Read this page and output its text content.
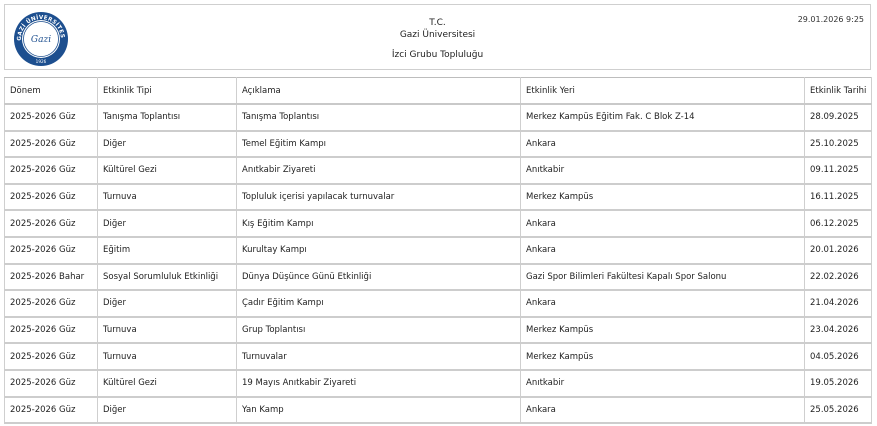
GAZİ ÜNİVERSİTES
Gazi
1926
T.C.
Gazi Üniversitesi
İzci Grubu Topluluğu
29.01.2026 9:25
Dönem	Etkinlik Tipi	Açıklama	Etkinlik Yeri	Etkinlik Tarihi
2025-2026 Güz	Tanışma Toplantısı	Tanışma Toplantısı	Merkez Kampüs Eğitim Fak. C Blok Z-14	28.09.2025
2025-2026 Güz	Diğer	Temel Eğitim Kampı	Ankara	25.10.2025
2025-2026 Güz	Kültürel Gezi	Anıtkabir Ziyareti	Anıtkabir	09.11.2025
2025-2026 Güz	Turnuva	Topluluk içerisi yapılacak turnuvalar	Merkez Kampüs	16.11.2025
2025-2026 Güz	Diğer	Kış Eğitim Kampı	Ankara	06.12.2025
2025-2026 Güz	Eğitim	Kurultay Kampı	Ankara	20.01.2026
2025-2026 Bahar	Sosyal Sorumluluk Etkinliği	Dünya Düşünce Günü Etkinliği	Gazi Spor Bilimleri Fakültesi Kapalı Spor Salonu	22.02.2026
2025-2026 Güz	Diğer	Çadır Eğitim Kampı	Ankara	21.04.2026
2025-2026 Güz	Turnuva	Grup Toplantısı	Merkez Kampüs	23.04.2026
2025-2026 Güz	Turnuva	Turnuvalar	Merkez Kampüs	04.05.2026
2025-2026 Güz	Kültürel Gezi	19 Mayıs Anıtkabir Ziyareti	Anıtkabir	19.05.2026
2025-2026 Güz	Diğer	Yan Kamp	Ankara	25.05.2026
